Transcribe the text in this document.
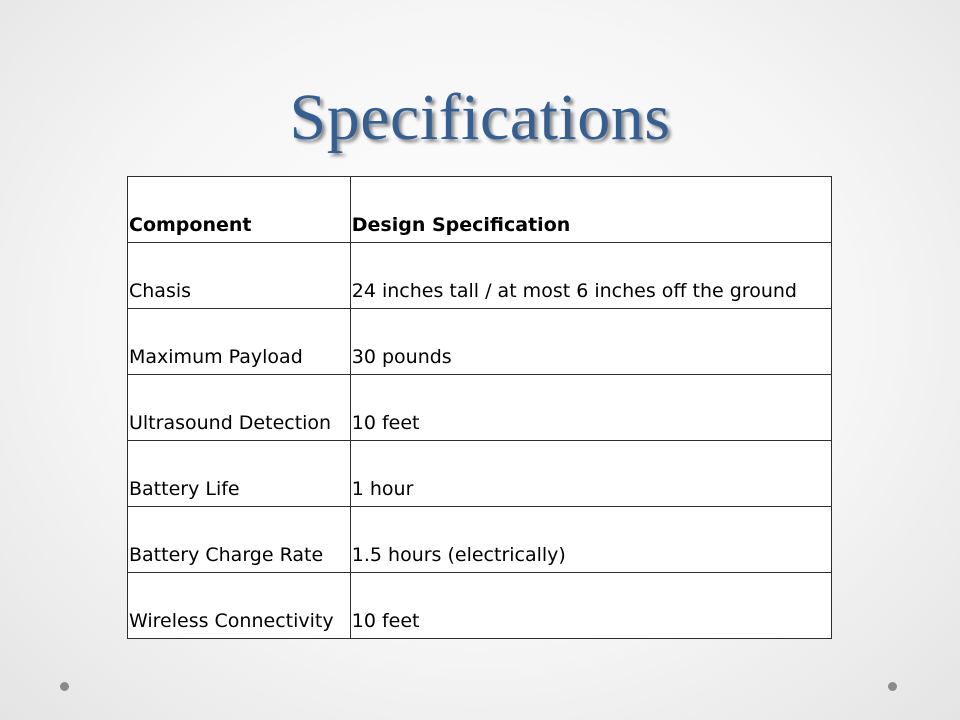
Specifications
Component	Design Specification
Chasis	24 inches tall / at most 6 inches off the ground
Maximum Payload	30 pounds
Ultrasound Detection	10 feet
Battery Life	1 hour
Battery Charge Rate	1.5 hours (electrically)
Wireless Connectivity	10 feet
